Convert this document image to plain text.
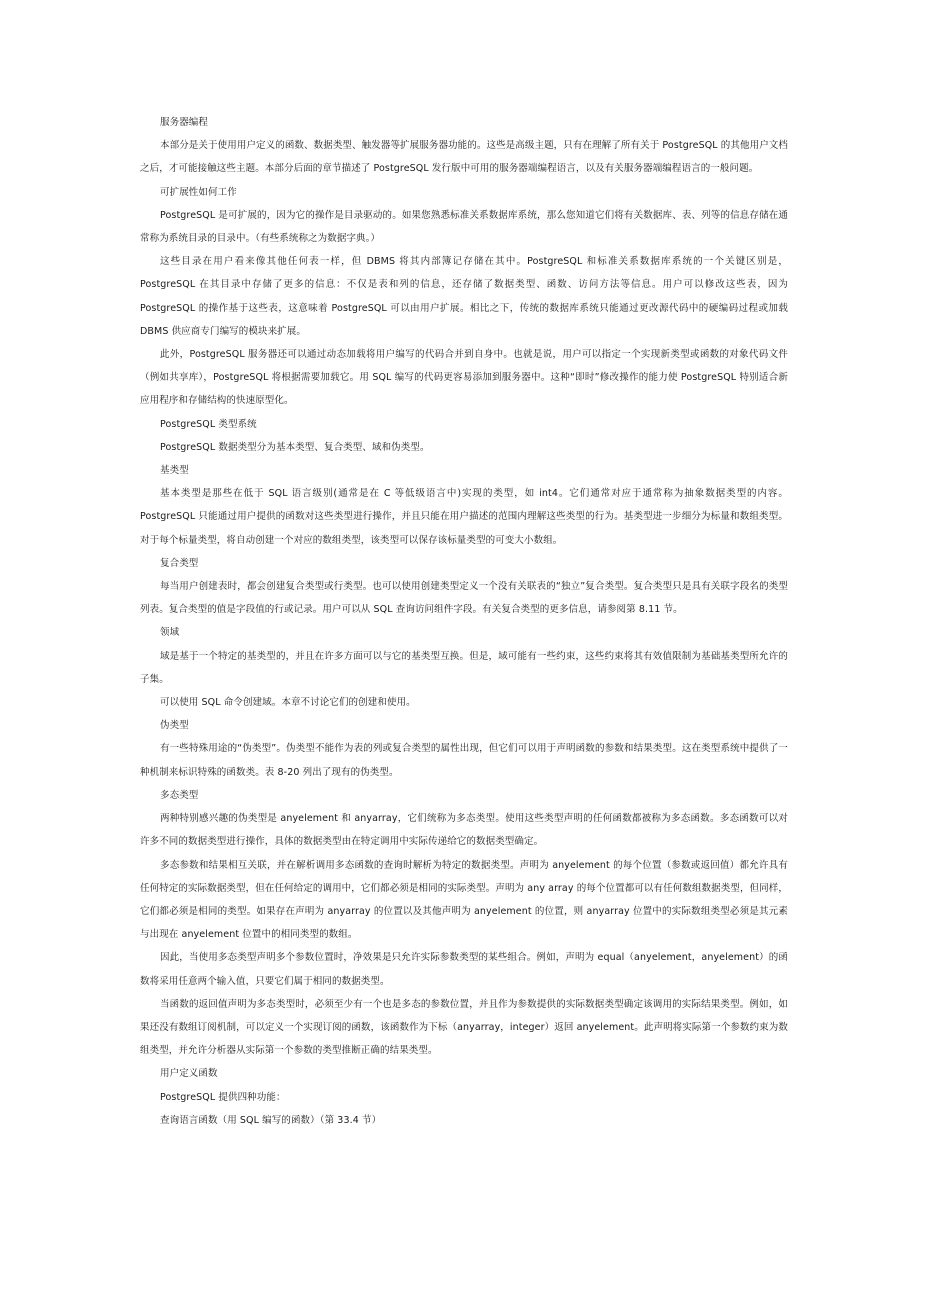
服务器编程

本部分是关于使用用户定义的函数、数据类型、触发器等扩展服务器功能的。这些是高级主题，只有在理解了所有关于 PostgreSQL 的其他用户文档之后，才可能接触这些主题。本部分后面的章节描述了 PostgreSQL 发行版中可用的服务器端编程语言，以及有关服务器端编程语言的一般问题。

可扩展性如何工作

PostgreSQL 是可扩展的，因为它的操作是目录驱动的。如果您熟悉标准关系数据库系统，那么您知道它们将有关数据库、表、列等的信息存储在通常称为系统目录的目录中。（有些系统称之为数据字典。）

这些目录在用户看来像其他任何表一样，但 DBMS 将其内部簿记存储在其中。PostgreSQL 和标准关系数据库系统的一个关键区别是，PostgreSQL 在其目录中存储了更多的信息：不仅是表和列的信息，还存储了数据类型、函数、访问方法等信息。用户可以修改这些表，因为 PostgreSQL 的操作基于这些表，这意味着 PostgreSQL 可以由用户扩展。相比之下，传统的数据库系统只能通过更改源代码中的硬编码过程或加载 DBMS 供应商专门编写的模块来扩展。

此外，PostgreSQL 服务器还可以通过动态加载将用户编写的代码合并到自身中。也就是说，用户可以指定一个实现新类型或函数的对象代码文件（例如共享库），PostgreSQL 将根据需要加载它。用 SQL 编写的代码更容易添加到服务器中。这种“即时”修改操作的能力使 PostgreSQL 特别适合新应用程序和存储结构的快速原型化。

PostgreSQL 类型系统

PostgreSQL 数据类型分为基本类型、复合类型、域和伪类型。

基类型

基本类型是那些在低于 SQL 语言级别(通常是在 C 等低级语言中)实现的类型，如 int4。它们通常对应于通常称为抽象数据类型的内容。PostgreSQL 只能通过用户提供的函数对这些类型进行操作，并且只能在用户描述的范围内理解这些类型的行为。基类型进一步细分为标量和数组类型。对于每个标量类型，将自动创建一个对应的数组类型，该类型可以保存该标量类型的可变大小数组。

复合类型

每当用户创建表时，都会创建复合类型或行类型。也可以使用创建类型定义一个没有关联表的“独立”复合类型。复合类型只是具有关联字段名的类型列表。复合类型的值是字段值的行或记录。用户可以从 SQL 查询访问组件字段。有关复合类型的更多信息，请参阅第 8.11 节。

领域

域是基于一个特定的基类型的，并且在许多方面可以与它的基类型互换。但是，域可能有一些约束，这些约束将其有效值限制为基础基类型所允许的子集。

可以使用 SQL 命令创建域。本章不讨论它们的创建和使用。

伪类型

有一些特殊用途的“伪类型”。伪类型不能作为表的列或复合类型的属性出现，但它们可以用于声明函数的参数和结果类型。这在类型系统中提供了一种机制来标识特殊的函数类。表 8-20 列出了现有的伪类型。

多态类型

两种特别感兴趣的伪类型是 anyelement 和 anyarray，它们统称为多态类型。使用这些类型声明的任何函数都被称为多态函数。多态函数可以对许多不同的数据类型进行操作，具体的数据类型由在特定调用中实际传递给它的数据类型确定。

多态参数和结果相互关联，并在解析调用多态函数的查询时解析为特定的数据类型。声明为 anyelement 的每个位置（参数或返回值）都允许具有任何特定的实际数据类型，但在任何给定的调用中，它们都必须是相同的实际类型。声明为 any array 的每个位置都可以有任何数组数据类型，但同样，它们都必须是相同的类型。如果存在声明为 anyarray 的位置以及其他声明为 anyelement 的位置，则 anyarray 位置中的实际数组类型必须是其元素与出现在 anyelement 位置中的相同类型的数组。

因此，当使用多态类型声明多个参数位置时，净效果是只允许实际参数类型的某些组合。例如，声明为 equal（anyelement，anyelement）的函数将采用任意两个输入值，只要它们属于相同的数据类型。

当函数的返回值声明为多态类型时，必须至少有一个也是多态的参数位置，并且作为参数提供的实际数据类型确定该调用的实际结果类型。例如，如果还没有数组订阅机制，可以定义一个实现订阅的函数，该函数作为下标（anyarray，integer）返回 anyelement。此声明将实际第一个参数约束为数组类型，并允许分析器从实际第一个参数的类型推断正确的结果类型。

用户定义函数

PostgreSQL 提供四种功能：

查询语言函数（用 SQL 编写的函数）（第 33.4 节）
